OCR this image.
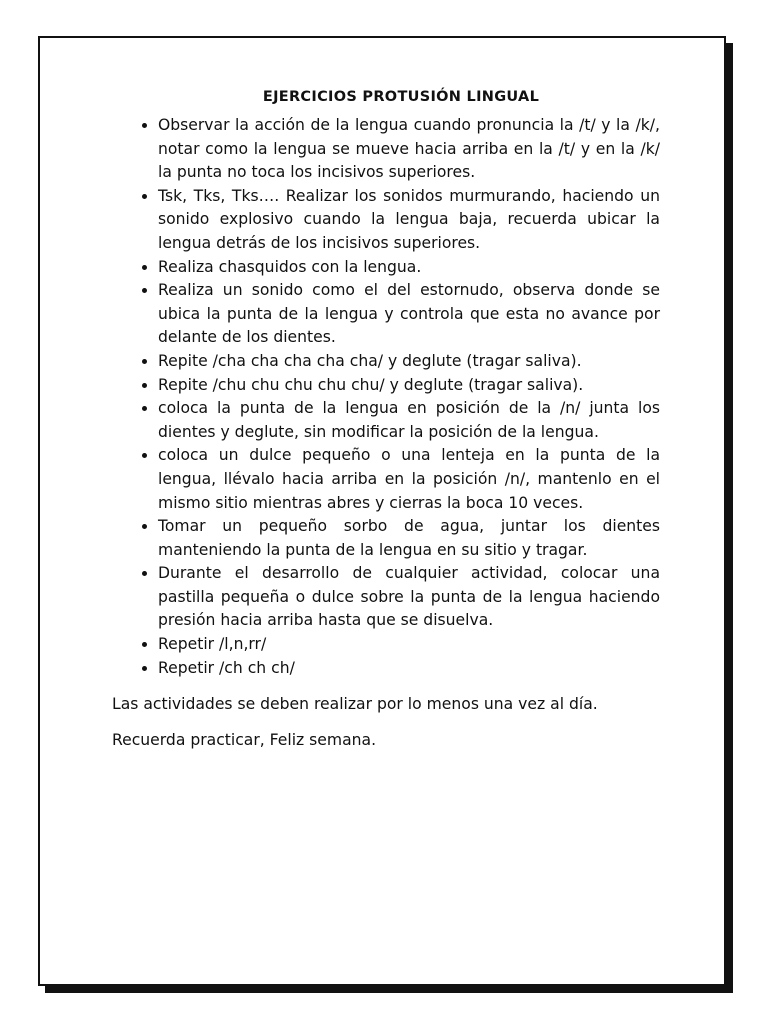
EJERCICIOS PROTUSIÓN LINGUAL
• Observar la acción de la lengua cuando pronuncia la /t/ y la /k/, notar como la lengua se mueve hacia arriba en la /t/ y en la /k/ la punta no toca los incisivos superiores.
• Tsk, Tks, Tks…. Realizar los sonidos murmurando, haciendo un sonido explosivo cuando la lengua baja, recuerda ubicar la lengua detrás de los incisivos superiores.
• Realiza chasquidos con la lengua.
• Realiza un sonido como el del estornudo, observa donde se ubica la punta de la lengua y controla que esta no avance por delante de los dientes.
• Repite /cha cha cha cha cha/ y deglute (tragar saliva).
• Repite /chu chu chu chu chu/ y deglute (tragar saliva).
• coloca la punta de la lengua en posición de la /n/ junta los dientes y deglute, sin modificar la posición de la lengua.
• coloca un dulce pequeño o una lenteja en la punta de la lengua, llévalo hacia arriba en la posición /n/, mantenlo en el mismo sitio mientras abres y cierras la boca 10 veces.
• Tomar un pequeño sorbo de agua, juntar los dientes manteniendo la punta de la lengua en su sitio y tragar.
• Durante el desarrollo de cualquier actividad, colocar una pastilla pequeña o dulce sobre la punta de la lengua haciendo presión hacia arriba hasta que se disuelva.
• Repetir /l,n,rr/
• Repetir /ch ch ch/

Las actividades se deben realizar por lo menos una vez al día.

Recuerda practicar, Feliz semana.
